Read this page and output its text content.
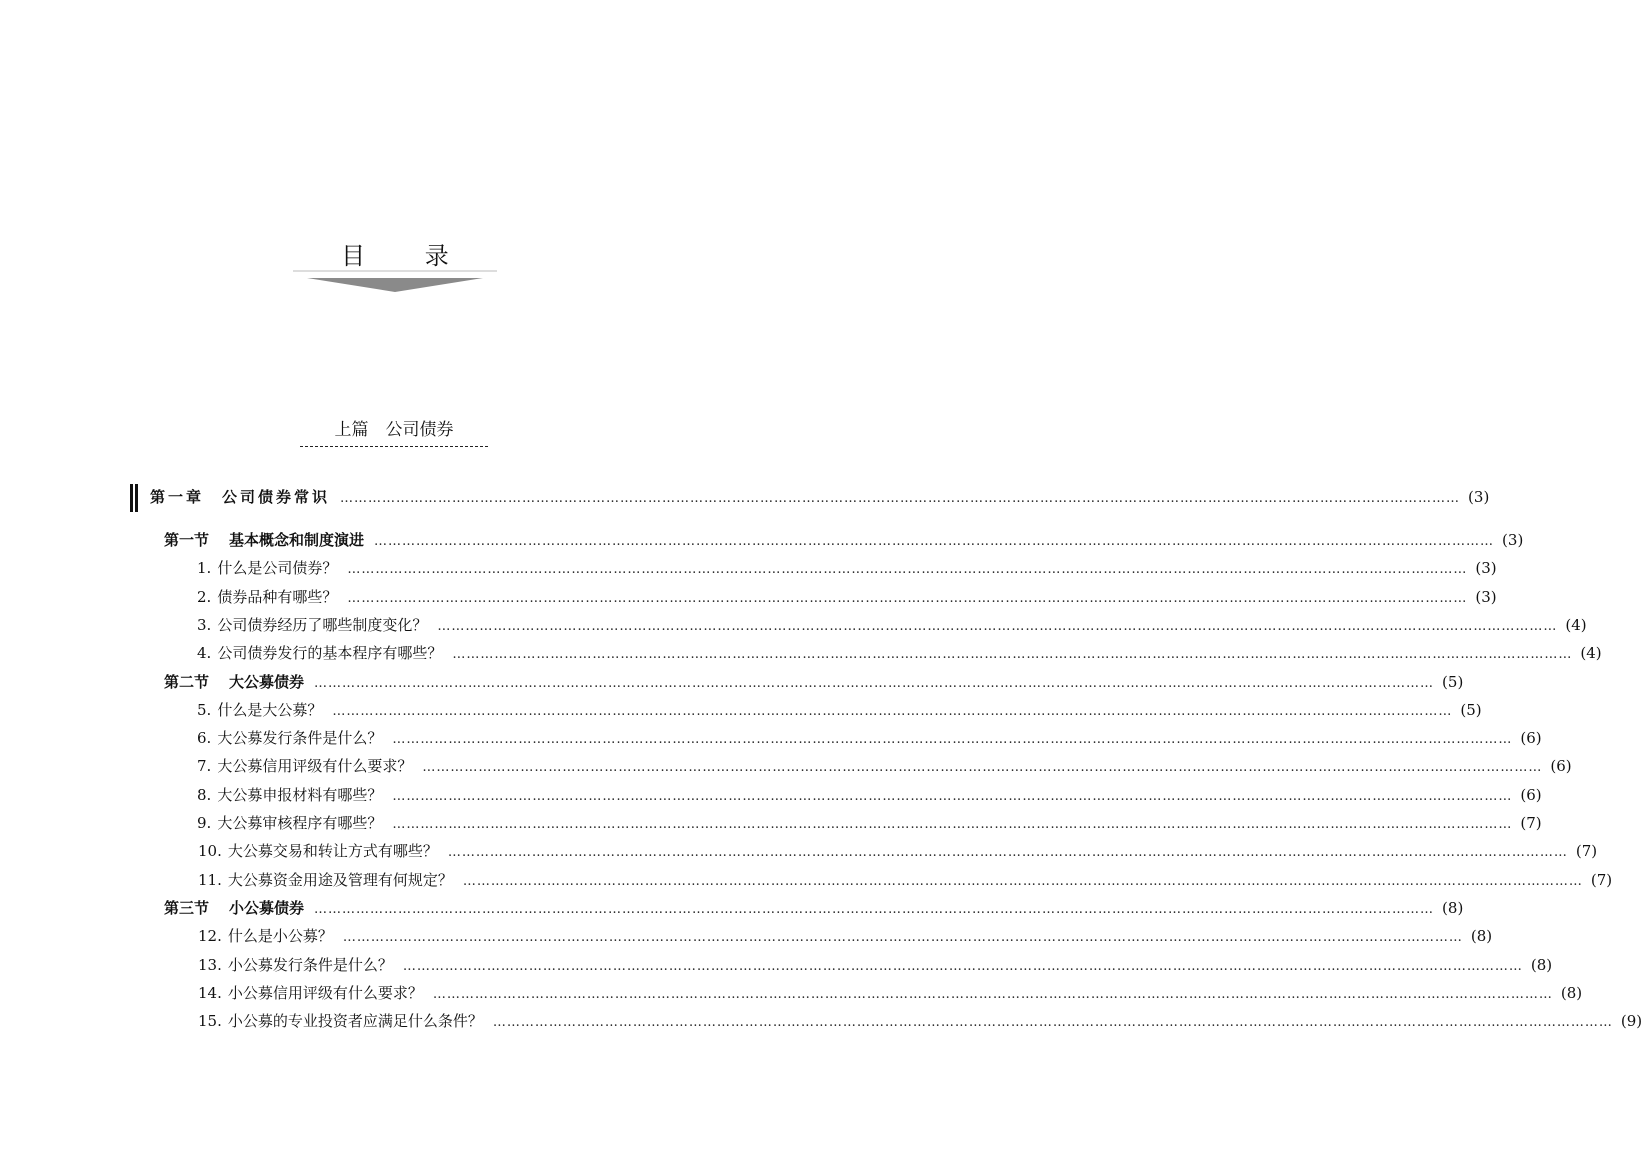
目 录
上篇　公司债券
第一章 公司债券常识 …………………………………………………………………………………………………………………………………………………………………………………………………………………… ( 3 )
第一节 基本概念和制度演进 …………………………………………………………………………………………………………………………………………………………………………………………………………………… ( 3 )
1. 什么是公司债券？ …………………………………………………………………………………………………………………………………………………………………………………………………………………… ( 3 )
2. 债券品种有哪些？ …………………………………………………………………………………………………………………………………………………………………………………………………………………… ( 3 )
3. 公司债券经历了哪些制度变化？ …………………………………………………………………………………………………………………………………………………………………………………………………………………… ( 4 )
4. 公司债券发行的基本程序有哪些？ …………………………………………………………………………………………………………………………………………………………………………………………………………………… ( 4 )
第二节 大公募债券 …………………………………………………………………………………………………………………………………………………………………………………………………………………… ( 5 )
5. 什么是大公募？ …………………………………………………………………………………………………………………………………………………………………………………………………………………… ( 5 )
6. 大公募发行条件是什么？ …………………………………………………………………………………………………………………………………………………………………………………………………………………… ( 6 )
7. 大公募信用评级有什么要求？ …………………………………………………………………………………………………………………………………………………………………………………………………………………… ( 6 )
8. 大公募申报材料有哪些？ …………………………………………………………………………………………………………………………………………………………………………………………………………………… ( 6 )
9. 大公募审核程序有哪些？ …………………………………………………………………………………………………………………………………………………………………………………………………………………… ( 7 )
10. 大公募交易和转让方式有哪些？ …………………………………………………………………………………………………………………………………………………………………………………………………………………… ( 7 )
11. 大公募资金用途及管理有何规定？ …………………………………………………………………………………………………………………………………………………………………………………………………………………… ( 7 )
第三节 小公募债券 …………………………………………………………………………………………………………………………………………………………………………………………………………………… ( 8 )
12. 什么是小公募？ …………………………………………………………………………………………………………………………………………………………………………………………………………………… ( 8 )
13. 小公募发行条件是什么？ …………………………………………………………………………………………………………………………………………………………………………………………………………………… ( 8 )
14. 小公募信用评级有什么要求？ …………………………………………………………………………………………………………………………………………………………………………………………………………………… ( 8 )
15. 小公募的专业投资者应满足什么条件？ …………………………………………………………………………………………………………………………………………………………………………………………………………………… ( 9 )
